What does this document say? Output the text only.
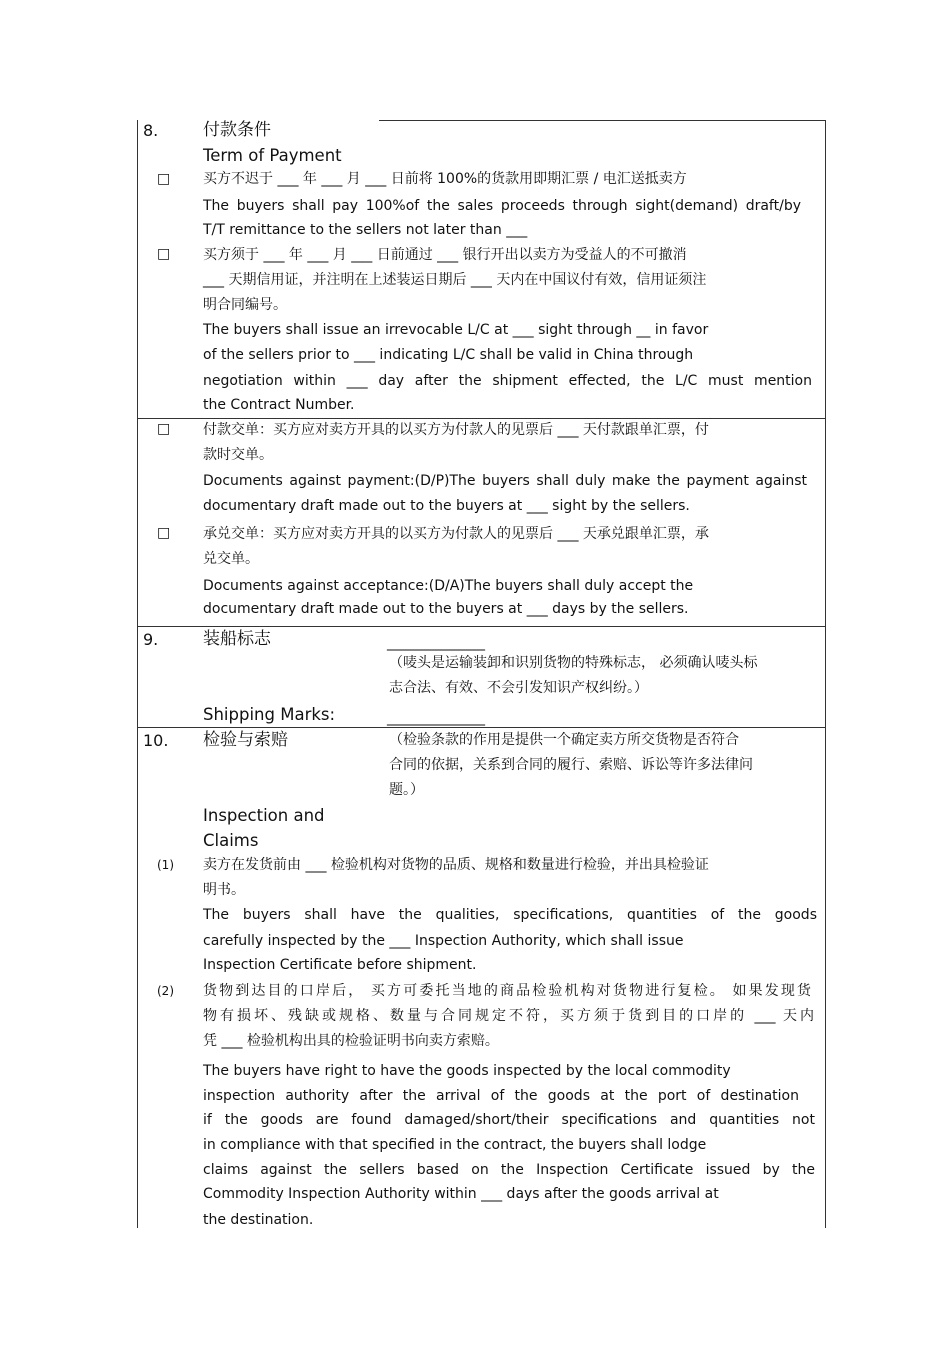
8.	付款条件
Term of Payment
□ 买方不迟于 ___ 年 ___ 月 ___ 日前将 100%的货款用即期汇票 / 电汇送抵卖方
The buyers shall pay 100%of the sales proceeds through sight(demand) draft/by
T/T remittance to the sellers not later than ___
□ 买方须于 ___ 年 ___ 月 ___ 日前通过 ___ 银行开出以卖方为受益人的不可撤消
___ 天期信用证，并注明在上述装运日期后 ___ 天内在中国议付有效，信用证须注
明合同编号。
The buyers shall issue an irrevocable L/C at ___ sight through __ in favor
of the sellers prior to ___ indicating L/C shall be valid in China through
negotiation within ___ day after the shipment effected, the L/C must mention
the Contract Number.
□ 付款交单：买方应对卖方开具的以买方为付款人的见票后 ___ 天付款跟单汇票，付
款时交单。
Documents against payment:(D/P)The buyers shall duly make the payment against
documentary draft made out to the buyers at ___ sight by the sellers.
□ 承兑交单：买方应对卖方开具的以买方为付款人的见票后 ___ 天承兑跟单汇票，承
兑交单。
Documents against acceptance:(D/A)The buyers shall duly accept the
documentary draft made out to the buyers at ___ days by the sellers.
9.	装船标志	______________
（唛头是运输装卸和识别货物的特殊标志， 必须确认唛头标
志合法、有效、不会引发知识产权纠纷。）
Shipping Marks:	______________
10. 检验与索赔	（检验条款的作用是提供一个确定卖方所交货物是否符合
合同的依据，关系到合同的履行、索赔、诉讼等许多法律问
题。）
Inspection and
Claims
(1) 卖方在发货前由 ___ 检验机构对货物的品质、规格和数量进行检验，并出具检验证
明书。
The buyers shall have the qualities, specifications, quantities of the goods
carefully inspected by the ___ Inspection Authority, which shall issue
Inspection Certificate before shipment.
(2) 货物到达目的口岸后， 买方可委托当地的商品检验机构对货物进行复检。 如果发现货
物有损坏、残缺或规格、数量与合同规定不符，买方须于货到目的口岸的 ___ 天内
凭 ___ 检验机构出具的检验证明书向卖方索赔。
The buyers have right to have the goods inspected by the local commodity
inspection authority after the arrival of the goods at the port of destination
if the goods are found damaged/short/their specifications and quantities not
in compliance with that specified in the contract, the buyers shall lodge
claims against the sellers based on the Inspection Certificate issued by the
Commodity Inspection Authority within ___ days after the goods arrival at
the destination.
